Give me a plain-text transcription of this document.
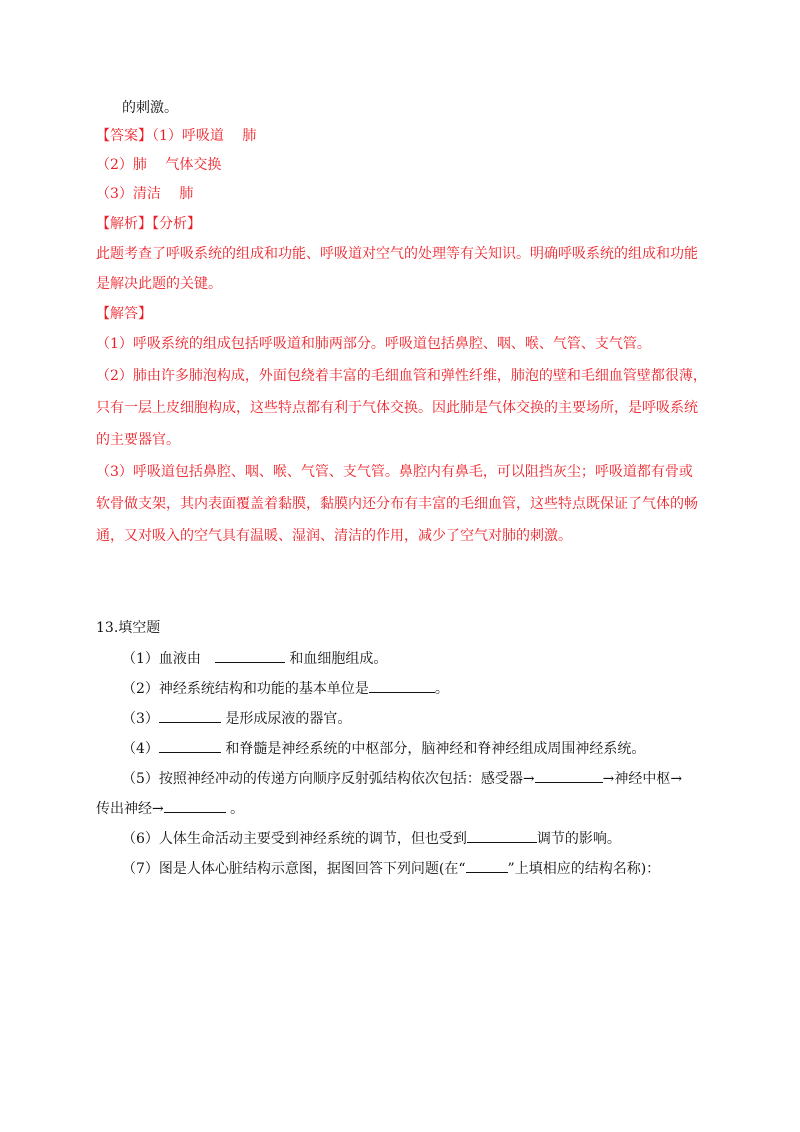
的刺激。
【答案】（1）呼吸道　 肺
（2）肺　 气体交换
（3）清洁　 肺
【解析】【分析】
此题考查了呼吸系统的组成和功能、呼吸道对空气的处理等有关知识。明确呼吸系统的组成和功能
是解决此题的关键。
【解答】
（1）呼吸系统的组成包括呼吸道和肺两部分。呼吸道包括鼻腔、咽、喉、气管、支气管。
（2）肺由许多肺泡构成，外面包绕着丰富的毛细血管和弹性纤维，肺泡的壁和毛细血管壁都很薄，
只有一层上皮细胞构成，这些特点都有利于气体交换。因此肺是气体交换的主要场所，是呼吸系统
的主要器官。
（3）呼吸道包括鼻腔、咽、喉、气管、支气管。鼻腔内有鼻毛，可以阻挡灰尘；呼吸道都有骨或
软骨做支架，其内表面覆盖着黏膜，黏膜内还分布有丰富的毛细血管，这些特点既保证了气体的畅
通，又对吸入的空气具有温暖、湿润、清洁的作用，减少了空气对肺的刺激。
13.填空题
（1）血液由　	和血细胞组成。
（2）神经系统结构和功能的基本单位是	。
（3）	是形成尿液的器官。
（4）	和脊髓是神经系统的中枢部分，脑神经和脊神经组成周围神经系统。
（5）按照神经冲动的传递方向顺序反射弧结构依次包括：感受器→	→神经中枢→
传出神经→	。
（6）人体生命活动主要受到神经系统的调节，但也受到	调节的影响。
（7）图是人体心脏结构示意图，据图回答下列问题(在“	”上填相应的结构名称)：
